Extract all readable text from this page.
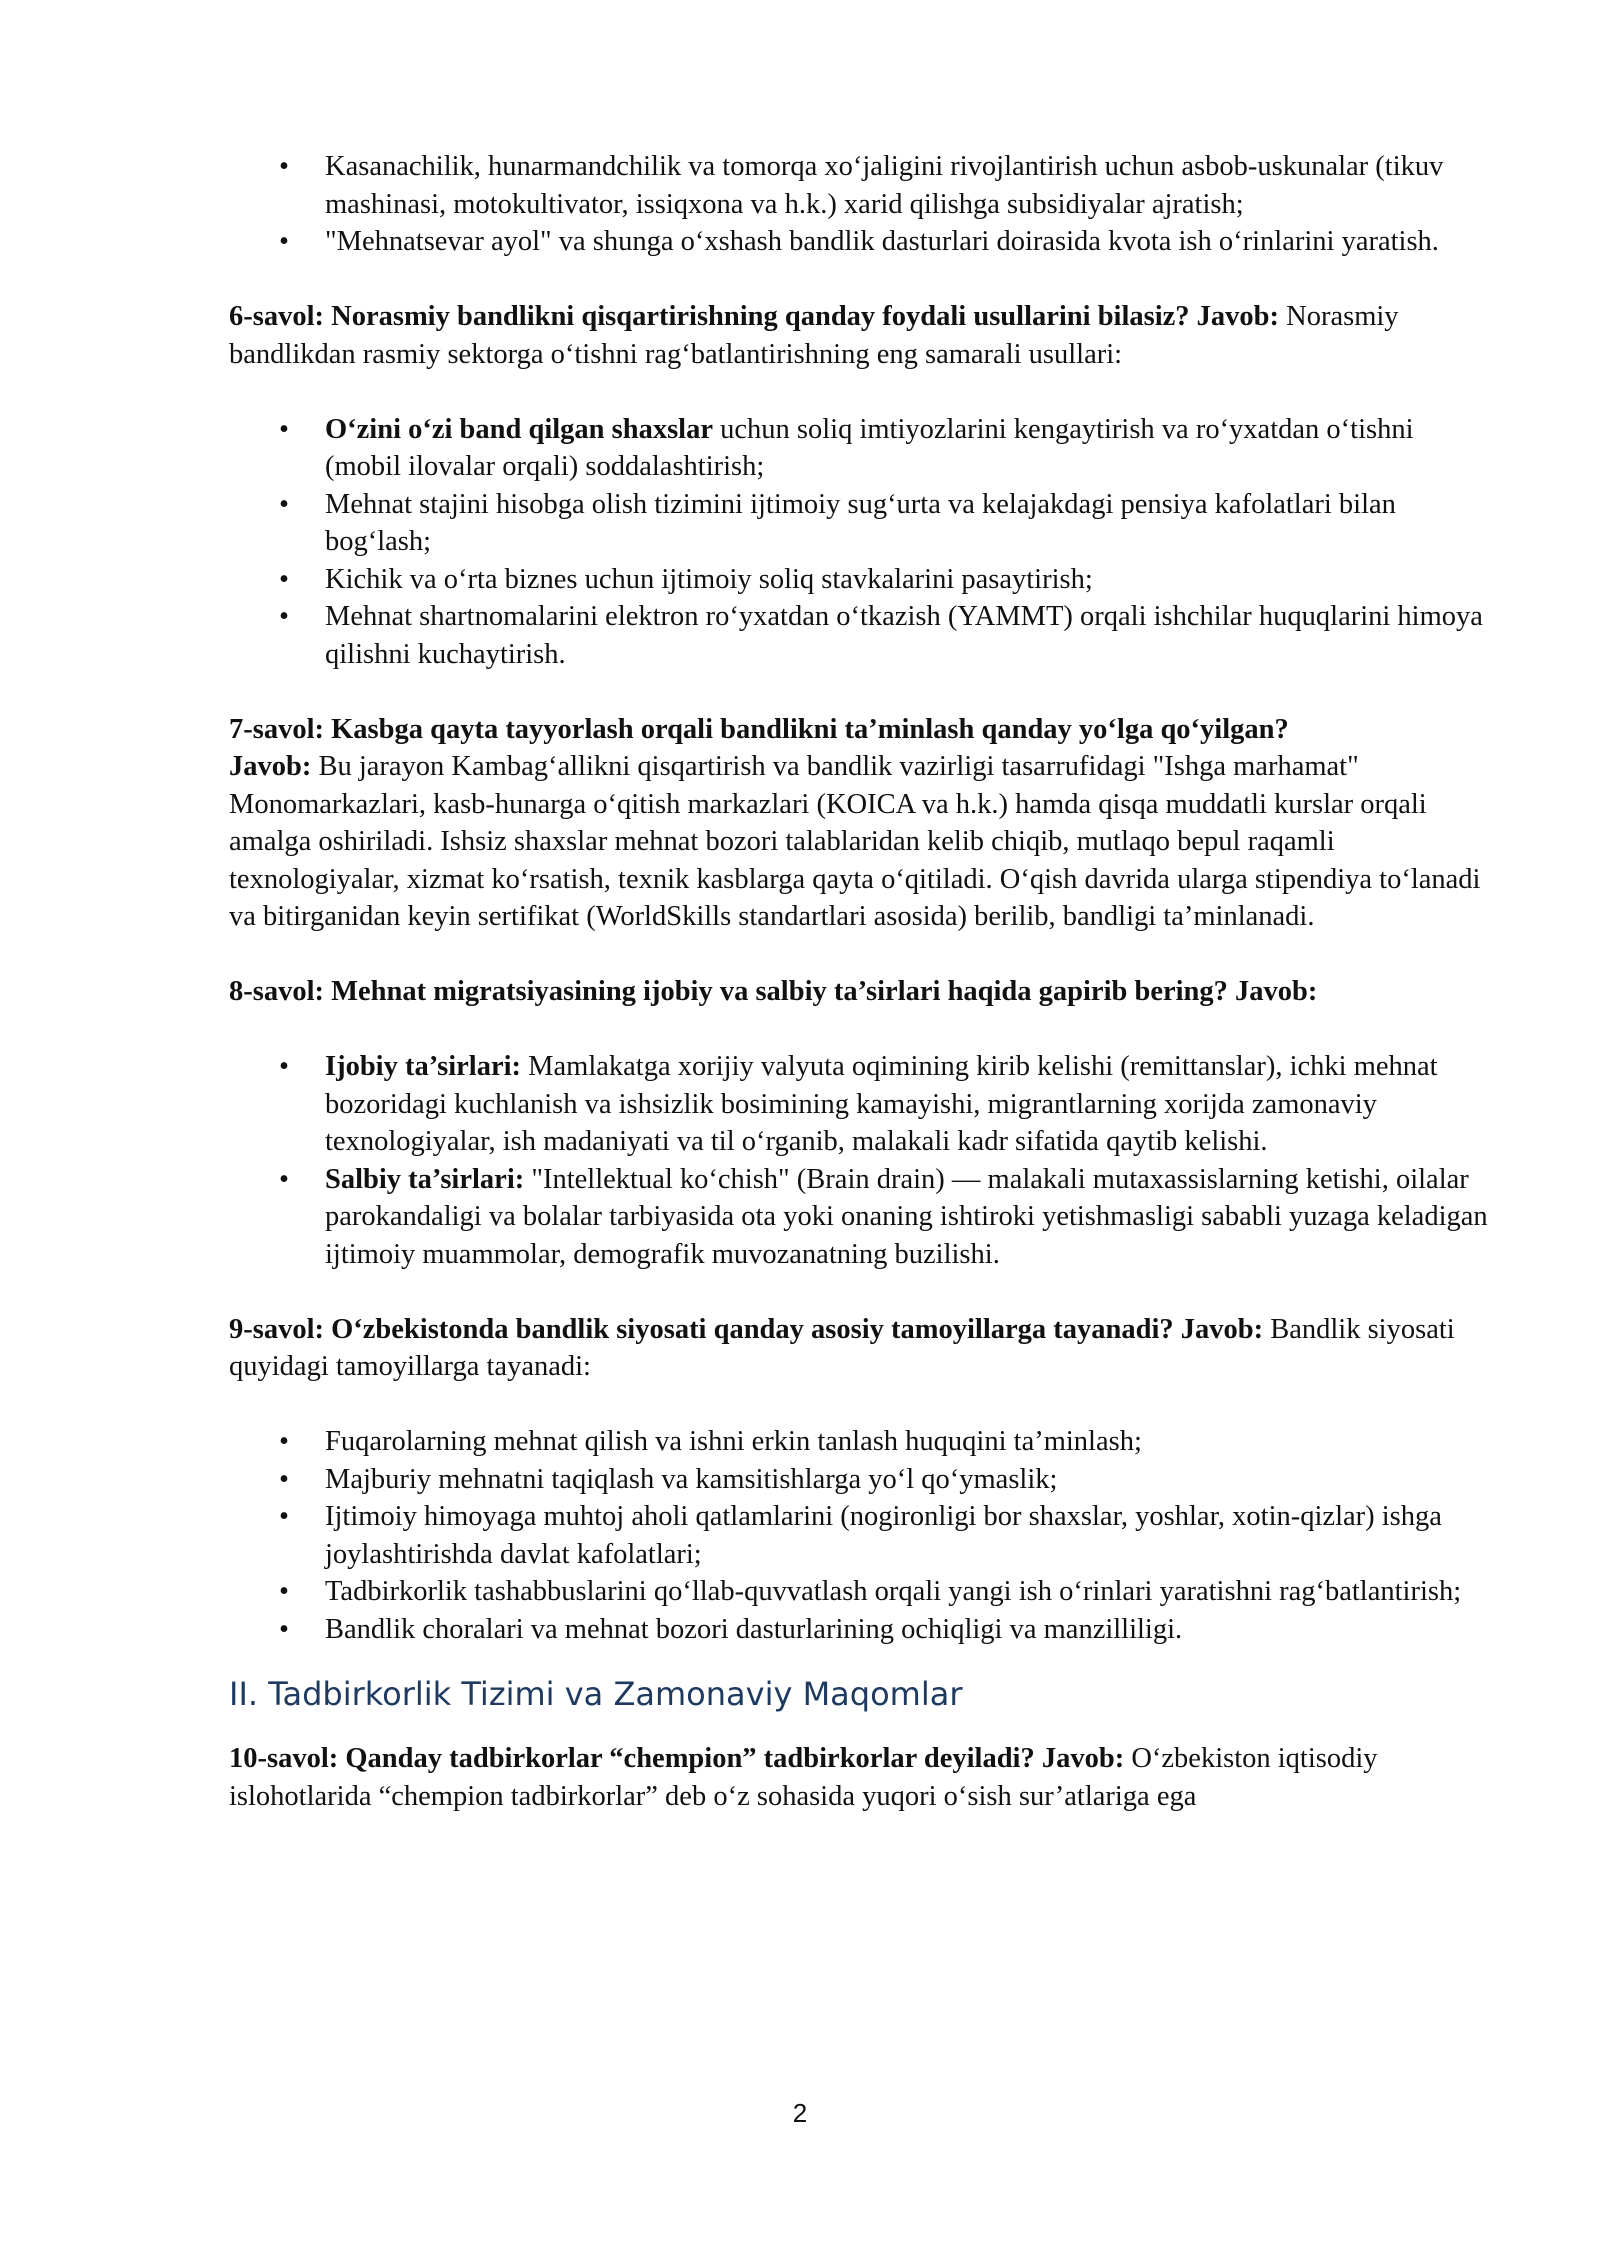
• Kasanachilik, hunarmandchilik va tomorqa xo‘jaligini rivojlantirish uchun asbob-uskunalar (tikuv mashinasi, motokultivator, issiqxona va h.k.) xarid qilishga subsidiyalar ajratish;
• "Mehnatsevar ayol" va shunga o‘xshash bandlik dasturlari doirasida kvota ish o‘rinlarini yaratish.

6-savol: Norasmiy bandlikni qisqartirishning qanday foydali usullarini bilasiz? Javob: Norasmiy bandlikdan rasmiy sektorga o‘tishni rag‘batlantirishning eng samarali usullari:

• O‘zini o‘zi band qilgan shaxslar uchun soliq imtiyozlarini kengaytirish va ro‘yxatdan o‘tishni (mobil ilovalar orqali) soddalashtirish;
• Mehnat stajini hisobga olish tizimini ijtimoiy sug‘urta va kelajakdagi pensiya kafolatlari bilan bog‘lash;
• Kichik va o‘rta biznes uchun ijtimoiy soliq stavkalarini pasaytirish;
• Mehnat shartnomalarini elektron ro‘yxatdan o‘tkazish (YAMMT) orqali ishchilar huquqlarini himoya qilishni kuchaytirish.

7-savol: Kasbga qayta tayyorlash orqali bandlikni ta’minlash qanday yo‘lga qo‘yilgan?
Javob: Bu jarayon Kambag‘allikni qisqartirish va bandlik vazirligi tasarrufidagi "Ishga marhamat" Monomarkazlari, kasb-hunarga o‘qitish markazlari (KOICA va h.k.) hamda qisqa muddatli kurslar orqali amalga oshiriladi. Ishsiz shaxslar mehnat bozori talablaridan kelib chiqib, mutlaqo bepul raqamli texnologiyalar, xizmat ko‘rsatish, texnik kasblarga qayta o‘qitiladi. O‘qish davrida ularga stipendiya to‘lanadi va bitirganidan keyin sertifikat (WorldSkills standartlari asosida) berilib, bandligi ta’minlanadi.

8-savol: Mehnat migratsiyasining ijobiy va salbiy ta’sirlari haqida gapirib bering? Javob:

• Ijobiy ta’sirlari: Mamlakatga xorijiy valyuta oqimining kirib kelishi (remittanslar), ichki mehnat bozoridagi kuchlanish va ishsizlik bosimining kamayishi, migrantlarning xorijda zamonaviy texnologiyalar, ish madaniyati va til o‘rganib, malakali kadr sifatida qaytib kelishi.
• Salbiy ta’sirlari: "Intellektual ko‘chish" (Brain drain) — malakali mutaxassislarning ketishi, oilalar parokandaligi va bolalar tarbiyasida ota yoki onaning ishtiroki yetishmasligi sababli yuzaga keladigan ijtimoiy muammolar, demografik muvozanatning buzilishi.

9-savol: O‘zbekistonda bandlik siyosati qanday asosiy tamoyillarga tayanadi? Javob: Bandlik siyosati quyidagi tamoyillarga tayanadi:

• Fuqarolarning mehnat qilish va ishni erkin tanlash huquqini ta’minlash;
• Majburiy mehnatni taqiqlash va kamsitishlarga yo‘l qo‘ymaslik;
• Ijtimoiy himoyaga muhtoj aholi qatlamlarini (nogironligi bor shaxslar, yoshlar, xotin-qizlar) ishga joylashtirishda davlat kafolatlari;
• Tadbirkorlik tashabbuslarini qo‘llab-quvvatlash orqali yangi ish o‘rinlari yaratishni rag‘batlantirish;
• Bandlik choralari va mehnat bozori dasturlarining ochiqligi va manzilliligi.
II. Tadbirkorlik Tizimi va Zamonaviy Maqomlar

10-savol: Qanday tadbirkorlar “chempion” tadbirkorlar deyiladi? Javob: O‘zbekiston iqtisodiy islohotlarida “chempion tadbirkorlar” deb o‘z sohasida yuqori o‘sish sur’atlariga ega

2
